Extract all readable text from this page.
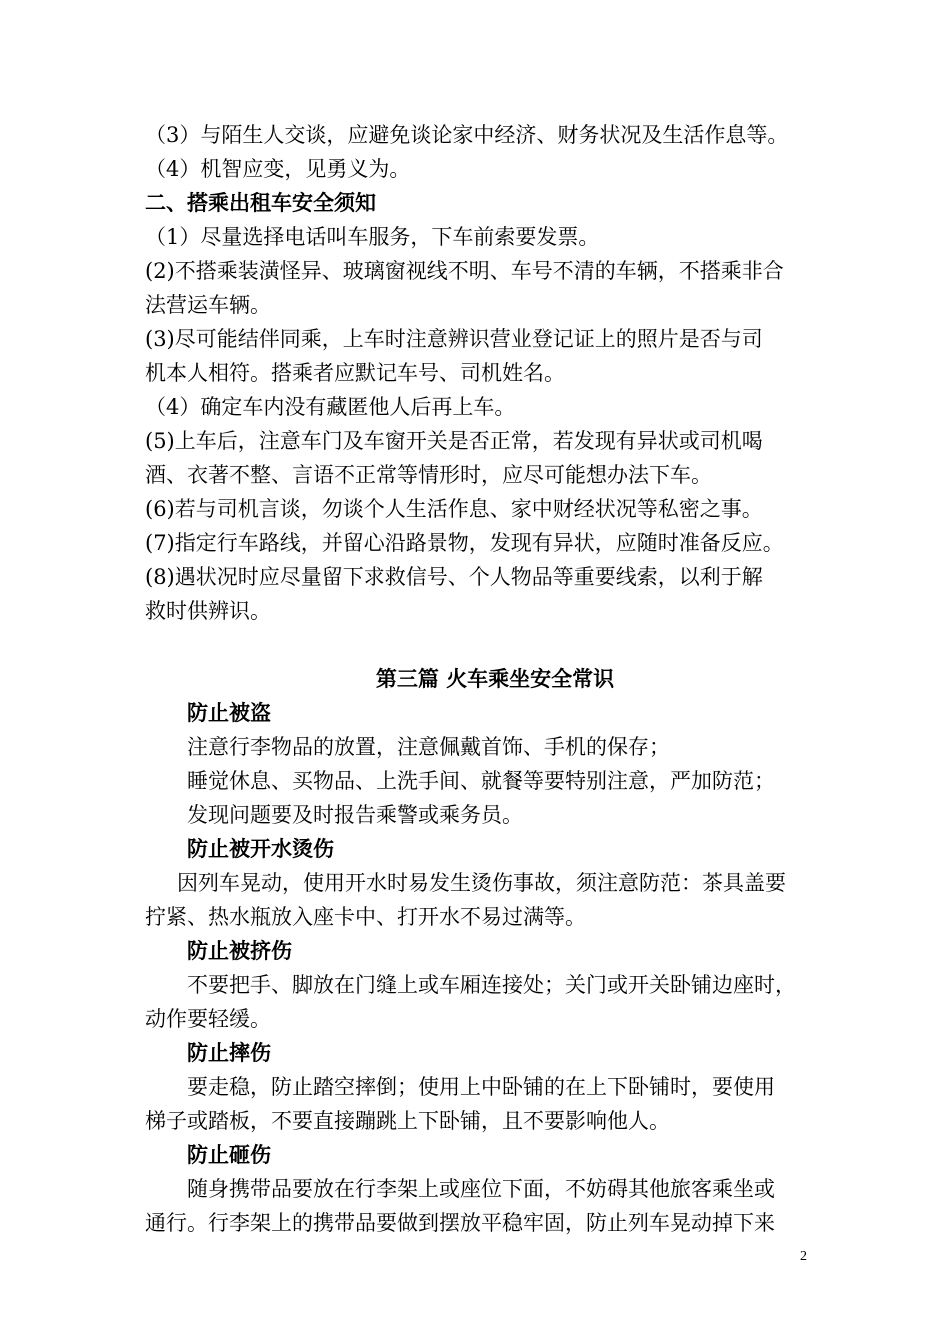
（3）与陌生人交谈，应避免谈论家中经济、财务状况及生活作息等。

（4）机智应变，见勇义为。

二、搭乘出租车安全须知

（1）尽量选择电话叫车服务，下车前索要发票。

(2)不搭乘装潢怪异、玻璃窗视线不明、车号不清的车辆，不搭乘非合

法营运车辆。

(3)尽可能结伴同乘，上车时注意辨识营业登记证上的照片是否与司

机本人相符。搭乘者应默记车号、司机姓名。

（4）确定车内没有藏匿他人后再上车。

(5)上车后，注意车门及车窗开关是否正常，若发现有异状或司机喝

酒、衣著不整、言语不正常等情形时，应尽可能想办法下车。

(6)若与司机言谈，勿谈个人生活作息、家中财经状况等私密之事。

(7)指定行车路线，并留心沿路景物，发现有异状，应随时准备反应。

(8)遇状况时应尽量留下求救信号、个人物品等重要线索，以利于解

救时供辨识。

第三篇 火车乘坐安全常识

防止被盗

注意行李物品的放置，注意佩戴首饰、手机的保存；

睡觉休息、买物品、上洗手间、就餐等要特别注意，严加防范；

发现问题要及时报告乘警或乘务员。

防止被开水烫伤

因列车晃动，使用开水时易发生烫伤事故，须注意防范：茶具盖要

拧紧、热水瓶放入座卡中、打开水不易过满等。

防止被挤伤

不要把手、脚放在门缝上或车厢连接处；关门或开关卧铺边座时，

动作要轻缓。

防止摔伤

要走稳，防止踏空摔倒；使用上中卧铺的在上下卧铺时，要使用

梯子或踏板，不要直接蹦跳上下卧铺，且不要影响他人。

防止砸伤

随身携带品要放在行李架上或座位下面，不妨碍其他旅客乘坐或

通行。行李架上的携带品要做到摆放平稳牢固，防止列车晃动掉下来

2
